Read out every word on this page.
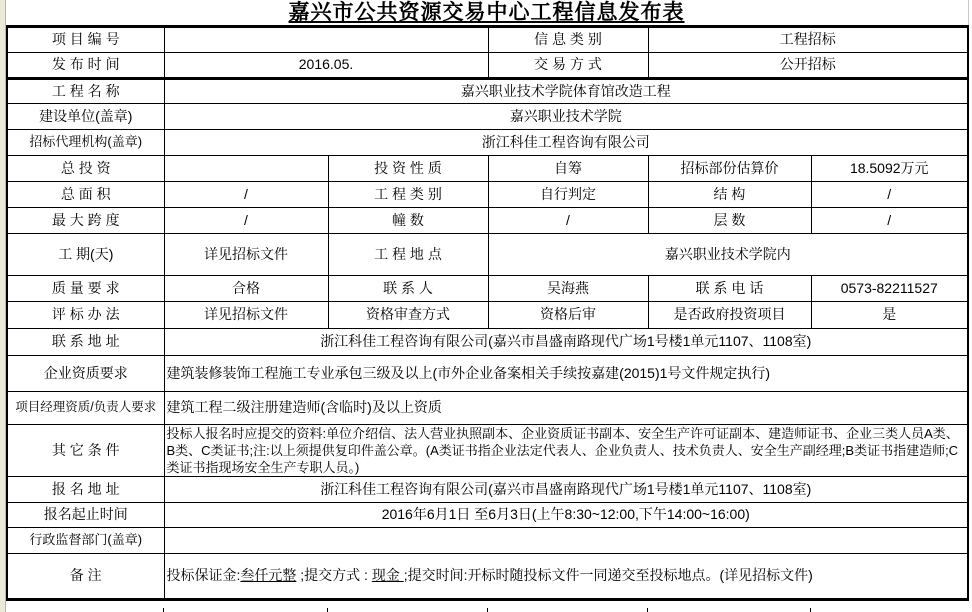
嘉兴市公共资源交易中心工程信息发布表
项 目 编 号			信 息 类 别	工程招标	
发 布 时 间	2016.05.		交 易 方 式	公开招标	
工 程 名 称	嘉兴职业技术学院体育馆改造工程				
建设单位(盖章)	嘉兴职业技术学院				
招标代理机构(盖章)	浙江科佳工程咨询有限公司				
总 投 资		投 资 性 质	自筹	招标部份估算价	18.5092万元
总 面 积	/	工 程 类 别	自行判定	结 构	/
最 大 跨 度	/	幢 数	/	层 数	/
工 期(天)	详见招标文件	工 程 地 点	嘉兴职业技术学院内		
质 量 要 求	合格	联 系 人	吴海燕	联 系 电 话	0573-82211527
评 标 办 法	详见招标文件	资格审查方式	资格后审	是否政府投资项目	是
联 系 地 址	浙江科佳工程咨询有限公司(嘉兴市昌盛南路现代广场1号楼1单元1107、1108室)				
企业资质要求	建筑装修装饰工程施工专业承包三级及以上(市外企业备案相关手续按嘉建(2015)1号文件规定执行)				
项目经理资质/负责人要求	建筑工程二级注册建造师(含临时)及以上资质				
其 它 条 件	投标人报名时应提交的资料:单位介绍信、法人营业执照副本、企业资质证书副本、安全生产许可证副本、建造师证书、企业三类人员A类、B类、C类证书;注:以上须提供复印件盖公章。(A类证书指企业法定代表人、企业负责人、技术负责人、安全生产副经理;B类证书指建造师;C类证书指现场安全生产专职人员。)				
报 名 地 址	浙江科佳工程咨询有限公司(嘉兴市昌盛南路现代广场1号楼1单元1107、1108室)				
报名起止时间	2016年6月1日 至6月3日(上午8:30~12:00,下午14:00~16:00)				
行政监督部门(盖章)					
备 注	投标保证金:叁仟元整 ;提交方式 : 现金 ;提交时间:开标时随投标文件一同递交至投标地点。(详见招标文件)				
